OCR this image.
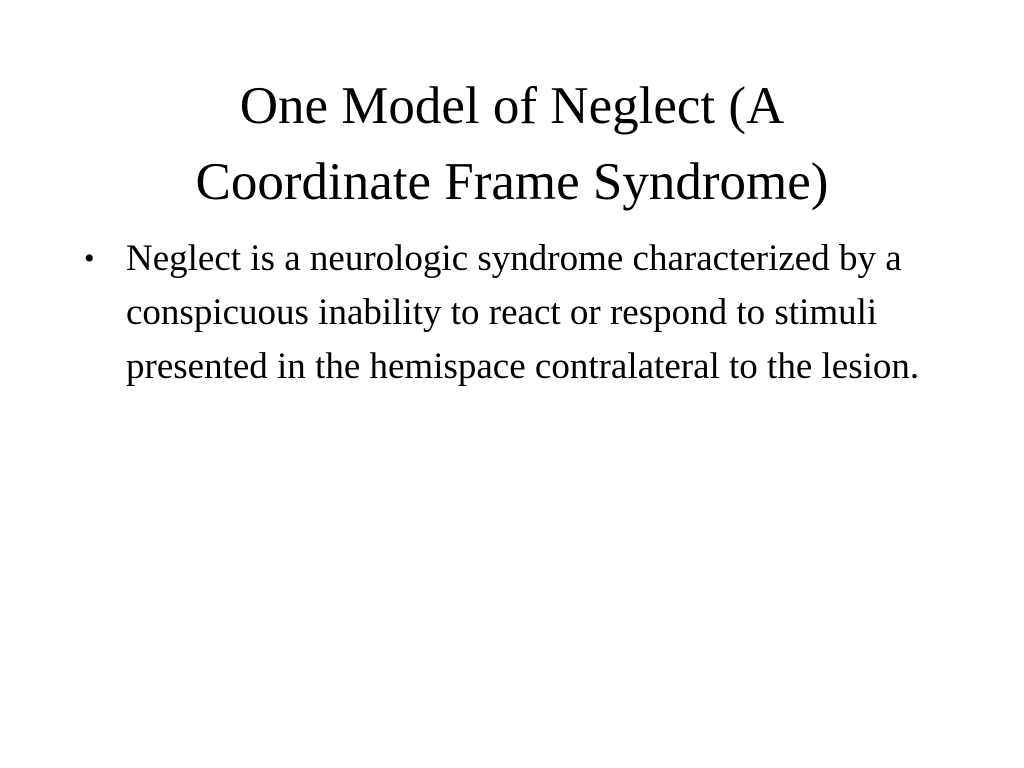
One Model of Neglect (A
Coordinate Frame Syndrome)
• Neglect is a neurologic syndrome characterized by a conspicuous inability to react or respond to stimuli presented in the hemispace contralateral to the lesion.
